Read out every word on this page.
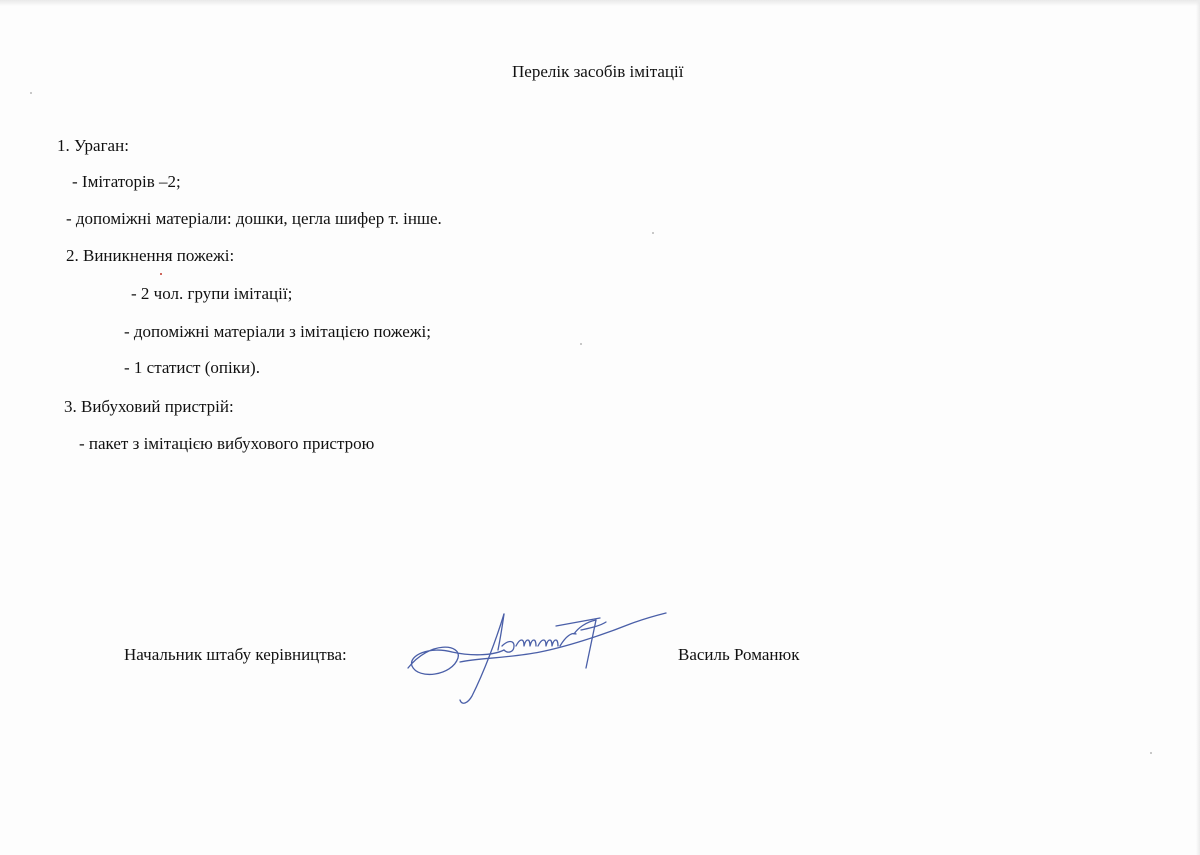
Перелік засобів імітації
1. Ураган:
- Імітаторів –2;
- допоміжні матеріали: дошки, цегла шифер т. інше.
2. Виникнення пожежі:
- 2 чол. групи імітації;
- допоміжні матеріали з імітацією пожежі;
- 1 статист (опіки).
3. Вибуховий пристрій:
- пакет з імітацією вибухового пристрою
Начальник штабу керівництва:	Василь Романюк
